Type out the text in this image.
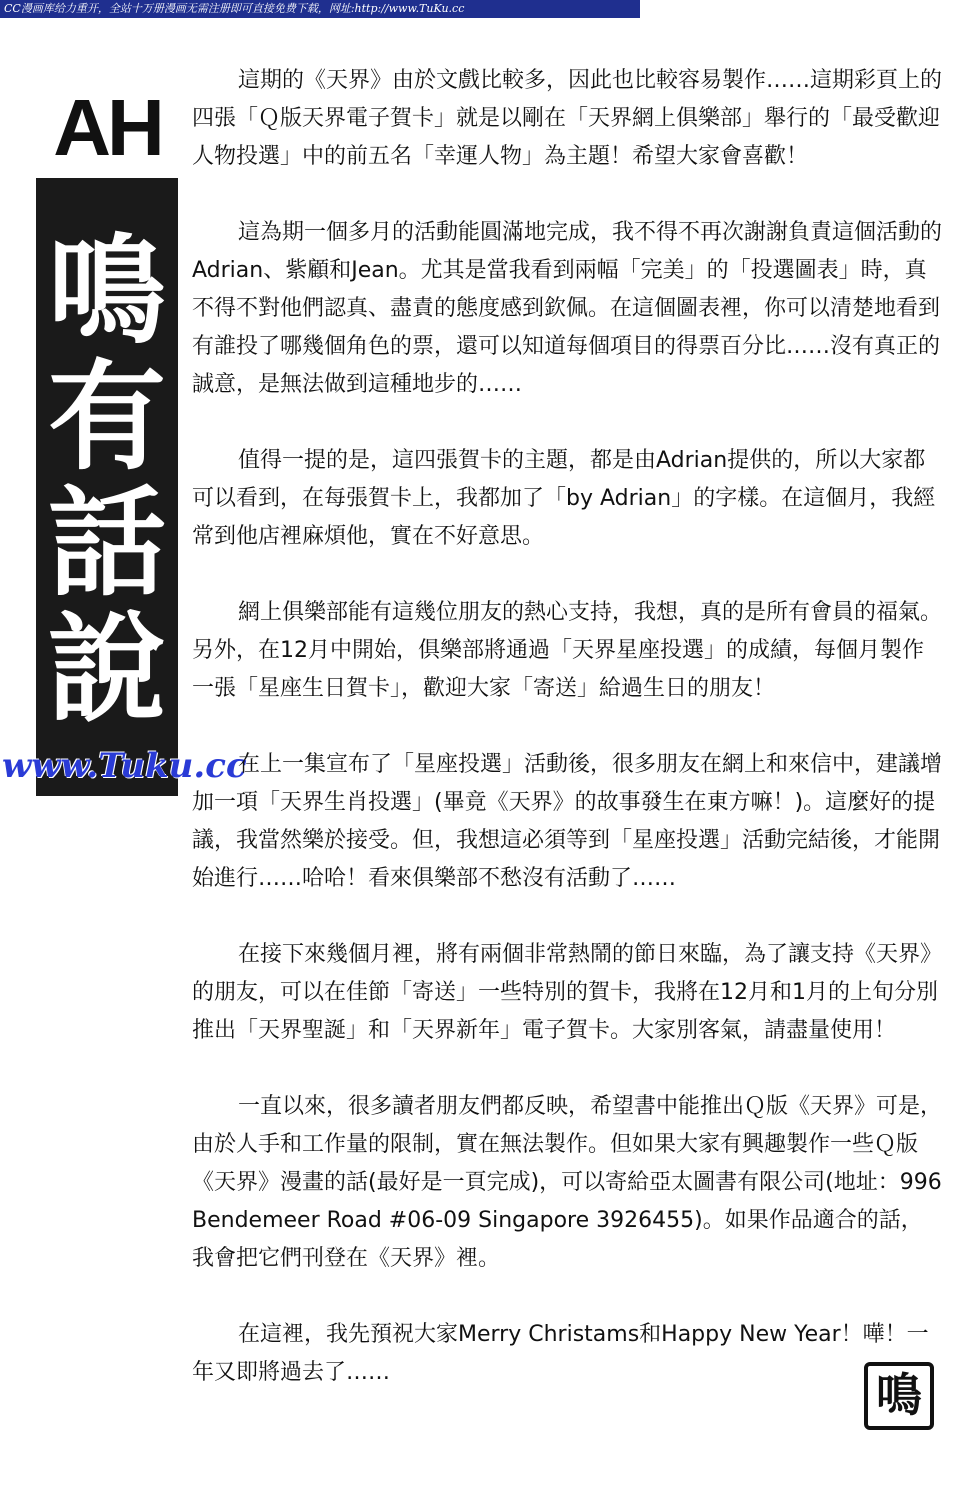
CC漫画库给力重开，全站十万册漫画无需注册即可直接免费下载，网址:http://www.TuKu.cc
AH
鳴有話說
www.Tuku.cc

這期的《天界》由於文戲比較多，因此也比較容易製作……這期彩頁上的四張「Ｑ版天界電子賀卡」就是以剛在「天界網上俱樂部」舉行的「最受歡迎人物投選」中的前五名「幸運人物」為主題！希望大家會喜歡！

這為期一個多月的活動能圓滿地完成，我不得不再次謝謝負責這個活動的Adrian、紫顧和Jean。尤其是當我看到兩幅「完美」的「投選圖表」時，真不得不對他們認真、盡責的態度感到欽佩。在這個圖表裡，你可以清楚地看到有誰投了哪幾個角色的票，還可以知道每個項目的得票百分比……沒有真正的誠意，是無法做到這種地步的……

值得一提的是，這四張賀卡的主題，都是由Adrian提供的，所以大家都可以看到，在每張賀卡上，我都加了「by Adrian」的字樣。在這個月，我經常到他店裡麻煩他，實在不好意思。

網上俱樂部能有這幾位朋友的熱心支持，我想，真的是所有會員的福氣。另外，在12月中開始，俱樂部將通過「天界星座投選」的成績，每個月製作一張「星座生日賀卡」，歡迎大家「寄送」給過生日的朋友！

在上一集宣布了「星座投選」活動後，很多朋友在網上和來信中，建議增加一項「天界生肖投選」(畢竟《天界》的故事發生在東方嘛！)。這麼好的提議，我當然樂於接受。但，我想這必須等到「星座投選」活動完結後，才能開始進行……哈哈！看來俱樂部不愁沒有活動了……

在接下來幾個月裡，將有兩個非常熱鬧的節日來臨，為了讓支持《天界》的朋友，可以在佳節「寄送」一些特別的賀卡，我將在12月和1月的上旬分別推出「天界聖誕」和「天界新年」電子賀卡。大家別客氣，請盡量使用！

一直以來，很多讀者朋友們都反映，希望書中能推出Ｑ版《天界》可是，由於人手和工作量的限制，實在無法製作。但如果大家有興趣製作一些Ｑ版《天界》漫畫的話(最好是一頁完成)，可以寄給亞太圖書有限公司(地址：996 Bendemeer Road #06-09 Singapore 3926455)。如果作品適合的話，我會把它們刊登在《天界》裡。

在這裡，我先預祝大家Merry Christams和Happy New Year！嘩！一年又即將過去了……	鳴
